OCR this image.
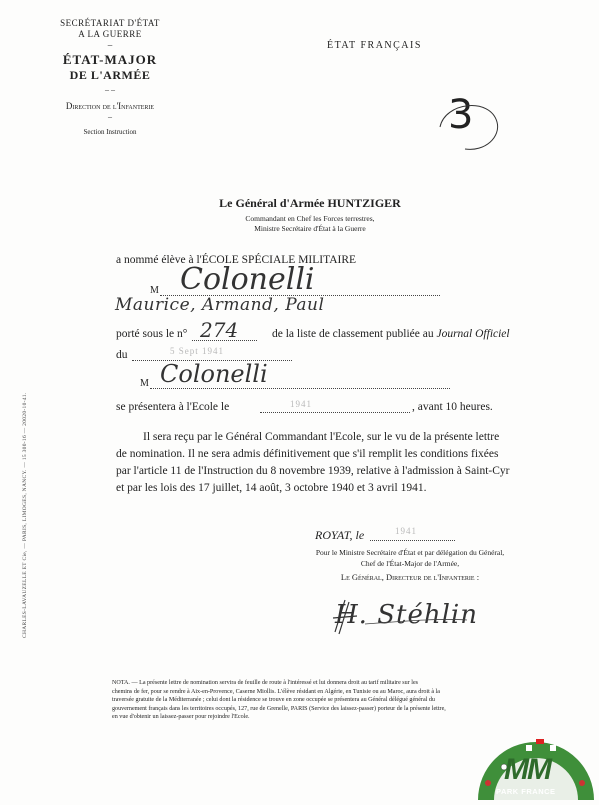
SECRÉTARIAT D'ÉTAT
A LA GUERRE
–
ÉTAT-MAJOR
DE L'ARMÉE
– –
Direction de l'Infanterie
–
Section Instruction
ÉTAT FRANÇAIS
3
Le Général d'Armée HUNTZIGER
Commandant en Chef les Forces terrestres,
Ministre Secrétaire d'État à la Guerre
a nommé élève à l'ÉCOLE SPÉCIALE MILITAIRE
M Colonelli
Maurice, Armand, Paul
porté sous le n° 274	de la liste de classement publiée au Journal Officiel
du	5 Sept 1941
M Colonelli
se présentera à l'Ecole le	1941	, avant 10 heures.
Il sera reçu par le Général Commandant l'Ecole, sur le vu de la présente lettre
de nomination. Il ne sera admis définitivement que s'il remplit les conditions fixées
par l'article 11 de l'Instruction du 8 novembre 1939, relative à l'admission à Saint-Cyr
et par les lois des 17 juillet, 14 août, 3 octobre 1940 et 3 avril 1941.
ROYAT, le	1941
Pour le Ministre Secrétaire d'État et par délégation du Général,
Chef de l'État-Major de l'Armée,
Le Général, Directeur de l'Infanterie :
H. Stéhlin
NOTA. — La présente lettre de nomination servira de feuille de route à l'intéressé et lui donnera droit au tarif militaire sur les
chemins de fer, pour se rendre à Aix-en-Provence, Caserne Miollis. L'élève résidant en Algérie, en Tunisie ou au Maroc, aura droit à la
traversée gratuite de la Méditerranée ; celui dont la résidence se trouve en zone occupée se présentera au Général délégué général du
gouvernement français dans les territoires occupés, 127, rue de Grenelle, PARIS (Service des laissez-passer) porteur de la présente lettre,
en vue d'obtenir un laissez-passer pour rejoindre l'Ecole.
CHARLES-LAVAUZELLE ET Cie, — PARIS, LIMOGES, NANCY. — 15 300-16 — 20020-10-41.
MM
PARK FRANCE
